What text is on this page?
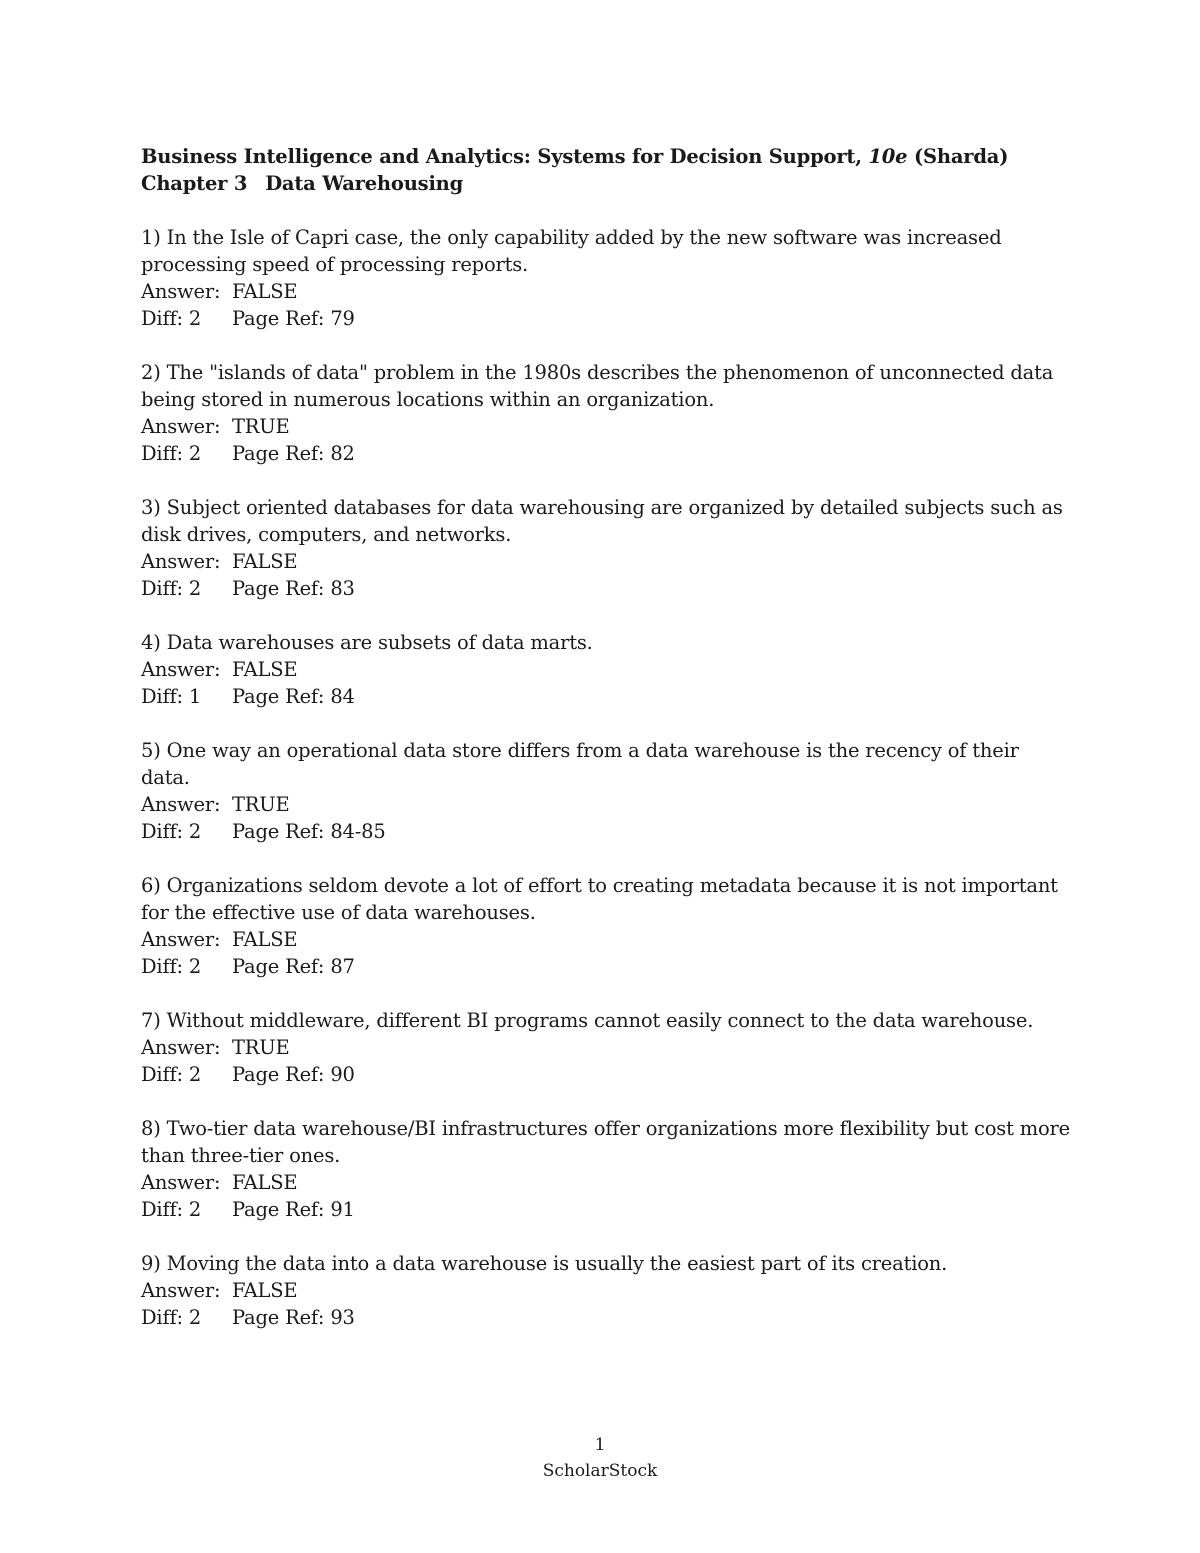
Business Intelligence and Analytics: Systems for Decision Support, 10e (Sharda)
Chapter 3 Data Warehousing
1) In the Isle of Capri case, the only capability added by the new software was increased processing speed of processing reports.
Answer: FALSE
Diff: 2 Page Ref: 79
2) The "islands of data" problem in the 1980s describes the phenomenon of unconnected data being stored in numerous locations within an organization.
Answer: TRUE
Diff: 2 Page Ref: 82
3) Subject oriented databases for data warehousing are organized by detailed subjects such as disk drives, computers, and networks.
Answer: FALSE
Diff: 2 Page Ref: 83
4) Data warehouses are subsets of data marts.
Answer: FALSE
Diff: 1 Page Ref: 84
5) One way an operational data store differs from a data warehouse is the recency of their data.
Answer: TRUE
Diff: 2 Page Ref: 84-85
6) Organizations seldom devote a lot of effort to creating metadata because it is not important for the effective use of data warehouses.
Answer: FALSE
Diff: 2 Page Ref: 87
7) Without middleware, different BI programs cannot easily connect to the data warehouse.
Answer: TRUE
Diff: 2 Page Ref: 90
8) Two-tier data warehouse/BI infrastructures offer organizations more flexibility but cost more than three-tier ones.
Answer: FALSE
Diff: 2 Page Ref: 91
9) Moving the data into a data warehouse is usually the easiest part of its creation.
Answer: FALSE
Diff: 2 Page Ref: 93
1
ScholarStock
